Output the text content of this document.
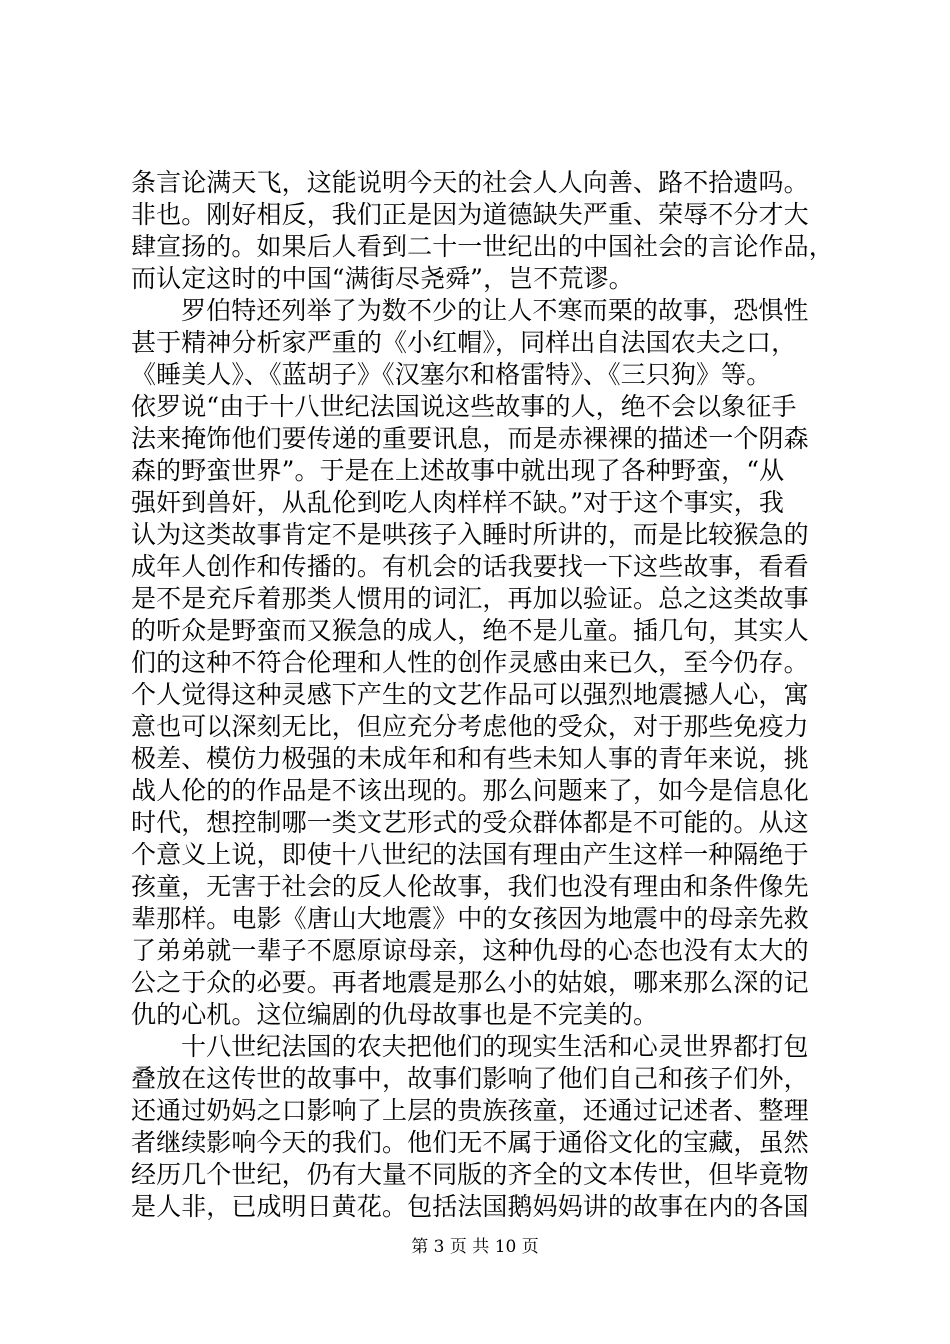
条言论满天飞，这能说明今天的社会人人向善、路不拾遗吗。
非也。刚好相反，我们正是因为道德缺失严重、荣辱不分才大
肆宣扬的。如果后人看到二十一世纪出的中国社会的言论作品，
而认定这时的中国“满街尽尧舜”，岂不荒谬。
罗伯特还列举了为数不少的让人不寒而栗的故事，恐惧性
甚于精神分析家严重的《小红帽》，同样出自法国农夫之口，
《睡美人》、《蓝胡子》《汉塞尔和格雷特》、《三只狗》等。
依罗说“由于十八世纪法国说这些故事的人，绝不会以象征手
法来掩饰他们要传递的重要讯息，而是赤裸裸的描述一个阴森
森的野蛮世界”。于是在上述故事中就出现了各种野蛮，“从
强奸到兽奸，从乱伦到吃人肉样样不缺。”对于这个事实，我
认为这类故事肯定不是哄孩子入睡时所讲的，而是比较猴急的
成年人创作和传播的。有机会的话我要找一下这些故事，看看
是不是充斥着那类人惯用的词汇，再加以验证。总之这类故事
的听众是野蛮而又猴急的成人，绝不是儿童。插几句，其实人
们的这种不符合伦理和人性的创作灵感由来已久，至今仍存。
个人觉得这种灵感下产生的文艺作品可以强烈地震撼人心，寓
意也可以深刻无比，但应充分考虑他的受众，对于那些免疫力
极差、模仿力极强的未成年和和有些未知人事的青年来说，挑
战人伦的的作品是不该出现的。那么问题来了，如今是信息化
时代，想控制哪一类文艺形式的受众群体都是不可能的。从这
个意义上说，即使十八世纪的法国有理由产生这样一种隔绝于
孩童，无害于社会的反人伦故事，我们也没有理由和条件像先
辈那样。电影《唐山大地震》中的女孩因为地震中的母亲先救
了弟弟就一辈子不愿原谅母亲，这种仇母的心态也没有太大的
公之于众的必要。再者地震是那么小的姑娘，哪来那么深的记
仇的心机。这位编剧的仇母故事也是不完美的。
十八世纪法国的农夫把他们的现实生活和心灵世界都打包
叠放在这传世的故事中，故事们影响了他们自己和孩子们外，
还通过奶妈之口影响了上层的贵族孩童，还通过记述者、整理
者继续影响今天的我们。他们无不属于通俗文化的宝藏，虽然
经历几个世纪，仍有大量不同版的齐全的文本传世，但毕竟物
是人非，已成明日黄花。包括法国鹅妈妈讲的故事在内的各国
第 3 页 共 10 页
